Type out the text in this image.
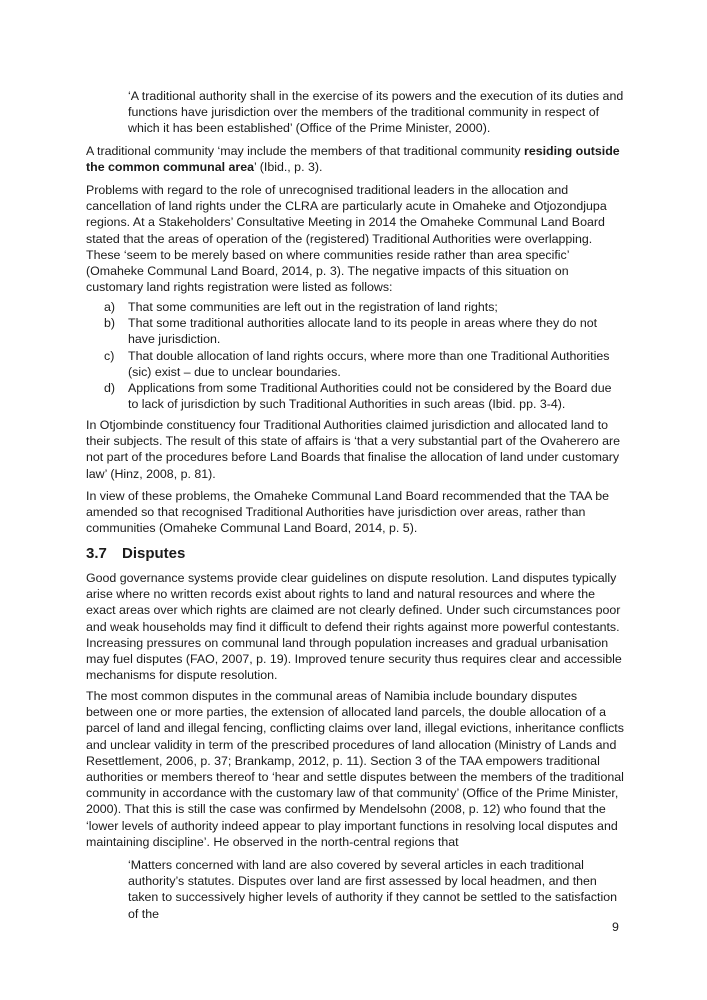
‘A traditional authority shall in the exercise of its powers and the execution of its duties and functions have jurisdiction over the members of the traditional community in respect of which it has been established’ (Office of the Prime Minister, 2000).

A traditional community ‘may include the members of that traditional community residing outside the common communal area’ (Ibid., p. 3).

Problems with regard to the role of unrecognised traditional leaders in the allocation and cancellation of land rights under the CLRA are particularly acute in Omaheke and Otjozondjupa regions. At a Stakeholders’ Consultative Meeting in 2014 the Omaheke Communal Land Board stated that the areas of operation of the (registered) Traditional Authorities were overlapping. These ‘seem to be merely based on where communities reside rather than area specific’ (Omaheke Communal Land Board, 2014, p. 3). The negative impacts of this situation on customary land rights registration were listed as follows:

a) That some communities are left out in the registration of land rights;
b) That some traditional authorities allocate land to its people in areas where they do not have jurisdiction.
c) That double allocation of land rights occurs, where more than one Traditional Authorities (sic) exist – due to unclear boundaries.
d) Applications from some Traditional Authorities could not be considered by the Board due to lack of jurisdiction by such Traditional Authorities in such areas (Ibid. pp. 3-4).

In Otjombinde constituency four Traditional Authorities claimed jurisdiction and allocated land to their subjects. The result of this state of affairs is ‘that a very substantial part of the Ovaherero are not part of the procedures before Land Boards that finalise the allocation of land under customary law’ (Hinz, 2008, p. 81).

In view of these problems, the Omaheke Communal Land Board recommended that the TAA be amended so that recognised Traditional Authorities have jurisdiction over areas, rather than communities (Omaheke Communal Land Board, 2014, p. 5).

3.7 Disputes

Good governance systems provide clear guidelines on dispute resolution. Land disputes typically arise where no written records exist about rights to land and natural resources and where the exact areas over which rights are claimed are not clearly defined. Under such circumstances poor and weak households may find it difficult to defend their rights against more powerful contestants. Increasing pressures on communal land through population increases and gradual urbanisation may fuel disputes (FAO, 2007, p. 19). Improved tenure security thus requires clear and accessible mechanisms for dispute resolution.

The most common disputes in the communal areas of Namibia include boundary disputes between one or more parties, the extension of allocated land parcels, the double allocation of a parcel of land and illegal fencing, conflicting claims over land, illegal evictions, inheritance conflicts and unclear validity in term of the prescribed procedures of land allocation (Ministry of Lands and Resettlement, 2006, p. 37; Brankamp, 2012, p. 11). Section 3 of the TAA empowers traditional authorities or members thereof to ‘hear and settle disputes between the members of the traditional community in accordance with the customary law of that community’ (Office of the Prime Minister, 2000). That this is still the case was confirmed by Mendelsohn (2008, p. 12) who found that the ‘lower levels of authority indeed appear to play important functions in resolving local disputes and maintaining discipline’. He observed in the north-central regions that

‘Matters concerned with land are also covered by several articles in each traditional authority’s statutes. Disputes over land are first assessed by local headmen, and then taken to successively higher levels of authority if they cannot be settled to the satisfaction of the

9
